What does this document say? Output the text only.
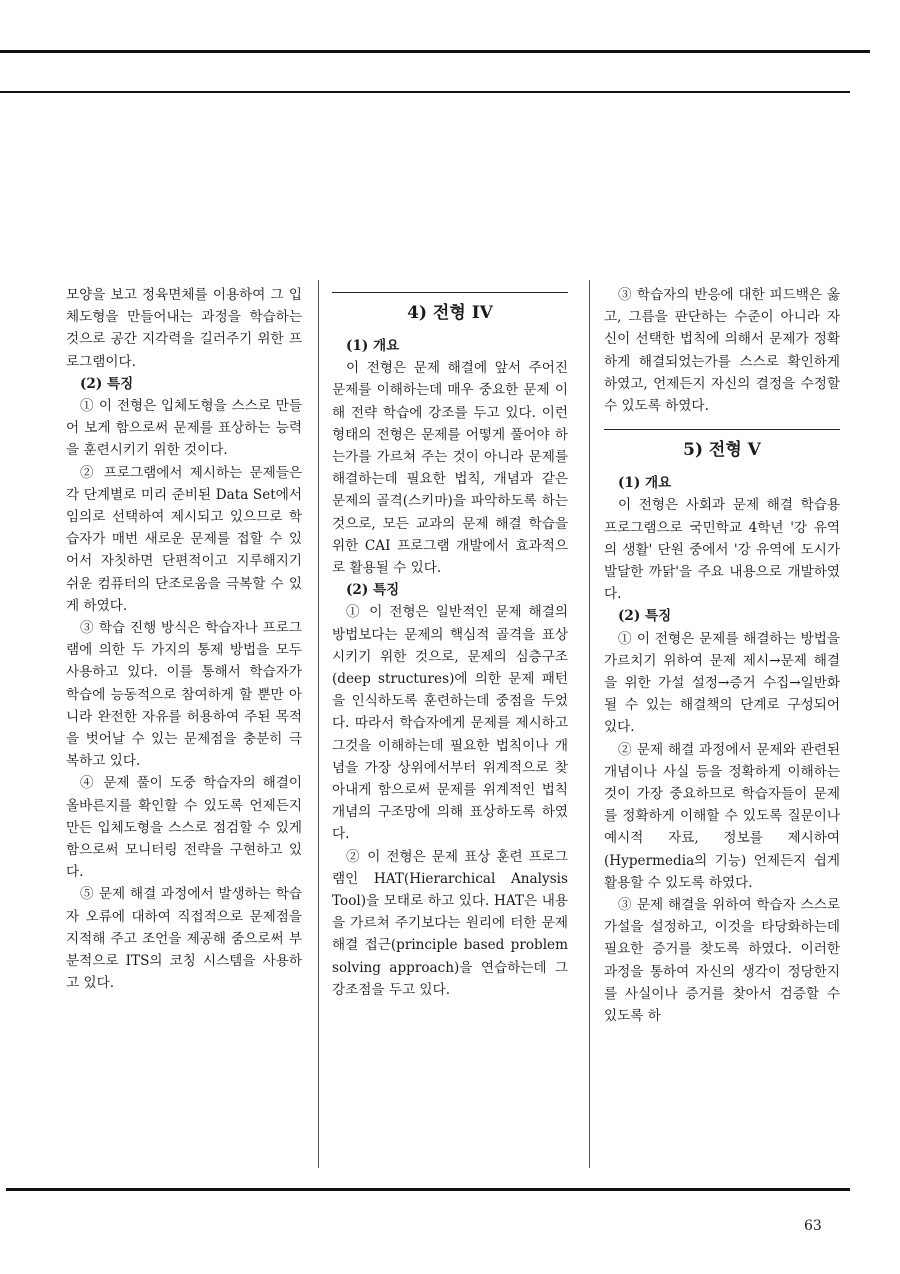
모양을 보고 정육면체를 이용하여 그 입체도형을 만들어내는 과정을 학습하는 것으로 공간 지각력을 길러주기 위한 프로그램이다.

(2) 특징

① 이 전형은 입체도형을 스스로 만들어 보게 함으로써 문제를 표상하는 능력을 훈련시키기 위한 것이다.

② 프로그램에서 제시하는 문제들은 각 단계별로 미리 준비된 Data Set에서 임의로 선택하여 제시되고 있으므로 학습자가 매번 새로운 문제를 접할 수 있어서 자칫하면 단편적이고 지루해지기 쉬운 컴퓨터의 단조로움을 극복할 수 있게 하였다.

③ 학습 진행 방식은 학습자나 프로그램에 의한 두 가지의 통제 방법을 모두 사용하고 있다. 이를 통해서 학습자가 학습에 능동적으로 참여하게 할 뿐만 아니라 완전한 자유를 허용하여 주된 목적을 벗어날 수 있는 문제점을 충분히 극복하고 있다.

④ 문제 풀이 도중 학습자의 해결이 올바른지를 확인할 수 있도록 언제든지 만든 입체도형을 스스로 점검할 수 있게 함으로써 모니터링 전략을 구현하고 있다.

⑤ 문제 해결 과정에서 발생하는 학습자 오류에 대하여 직접적으로 문제점을 지적해 주고 조언을 제공해 줌으로써 부분적으로 ITS의 코칭 시스템을 사용하고 있다.

4) 전형 IV

(1) 개요

이 전형은 문제 해결에 앞서 주어진 문제를 이해하는데 매우 중요한 문제 이해 전략 학습에 강조를 두고 있다. 이런 형태의 전형은 문제를 어떻게 풀어야 하는가를 가르쳐 주는 것이 아니라 문제를 해결하는데 필요한 법칙, 개념과 같은 문제의 골격(스키마)을 파악하도록 하는 것으로, 모든 교과의 문제 해결 학습을 위한 CAI 프로그램 개발에서 효과적으로 활용될 수 있다.

(2) 특징

① 이 전형은 일반적인 문제 해결의 방법보다는 문제의 핵심적 골격을 표상시키기 위한 것으로, 문제의 심층구조(deep structures)에 의한 문제 패턴을 인식하도록 훈련하는데 중점을 두었다. 따라서 학습자에게 문제를 제시하고 그것을 이해하는데 필요한 법칙이나 개념을 가장 상위에서부터 위계적으로 찾아내게 함으로써 문제를 위계적인 법칙 개념의 구조망에 의해 표상하도록 하였다.

② 이 전형은 문제 표상 훈련 프로그램인 HAT(Hierarchical Analysis Tool)을 모태로 하고 있다. HAT은 내용을 가르쳐 주기보다는 원리에 터한 문제 해결 접근(principle based problem solving approach)을 연습하는데 그 강조점을 두고 있다.

③ 학습자의 반응에 대한 피드백은 옳고, 그름을 판단하는 수준이 아니라 자신이 선택한 법칙에 의해서 문제가 정확하게 해결되었는가를 스스로 확인하게 하였고, 언제든지 자신의 결정을 수정할 수 있도록 하였다.

5) 전형 V

(1) 개요

이 전형은 사회과 문제 해결 학습용 프로그램으로 국민학교 4학년 '강 유역의 생활' 단원 중에서 '강 유역에 도시가 발달한 까닭'을 주요 내용으로 개발하였다.

(2) 특징

① 이 전형은 문제를 해결하는 방법을 가르치기 위하여 문제 제시→문제 해결을 위한 가설 설정→증거 수집→일반화될 수 있는 해결책의 단계로 구성되어 있다.

② 문제 해결 과정에서 문제와 관련된 개념이나 사실 등을 정확하게 이해하는 것이 가장 중요하므로 학습자들이 문제를 정확하게 이해할 수 있도록 질문이나 예시적 자료, 정보를 제시하여(Hypermedia의 기능) 언제든지 쉽게 활용할 수 있도록 하였다.

③ 문제 해결을 위하여 학습자 스스로 가설을 설정하고, 이것을 타당화하는데 필요한 증거를 찾도록 하였다. 이러한 과정을 통하여 자신의 생각이 정당한지를 사실이나 증거를 찾아서 검증할 수 있도록 하

63
